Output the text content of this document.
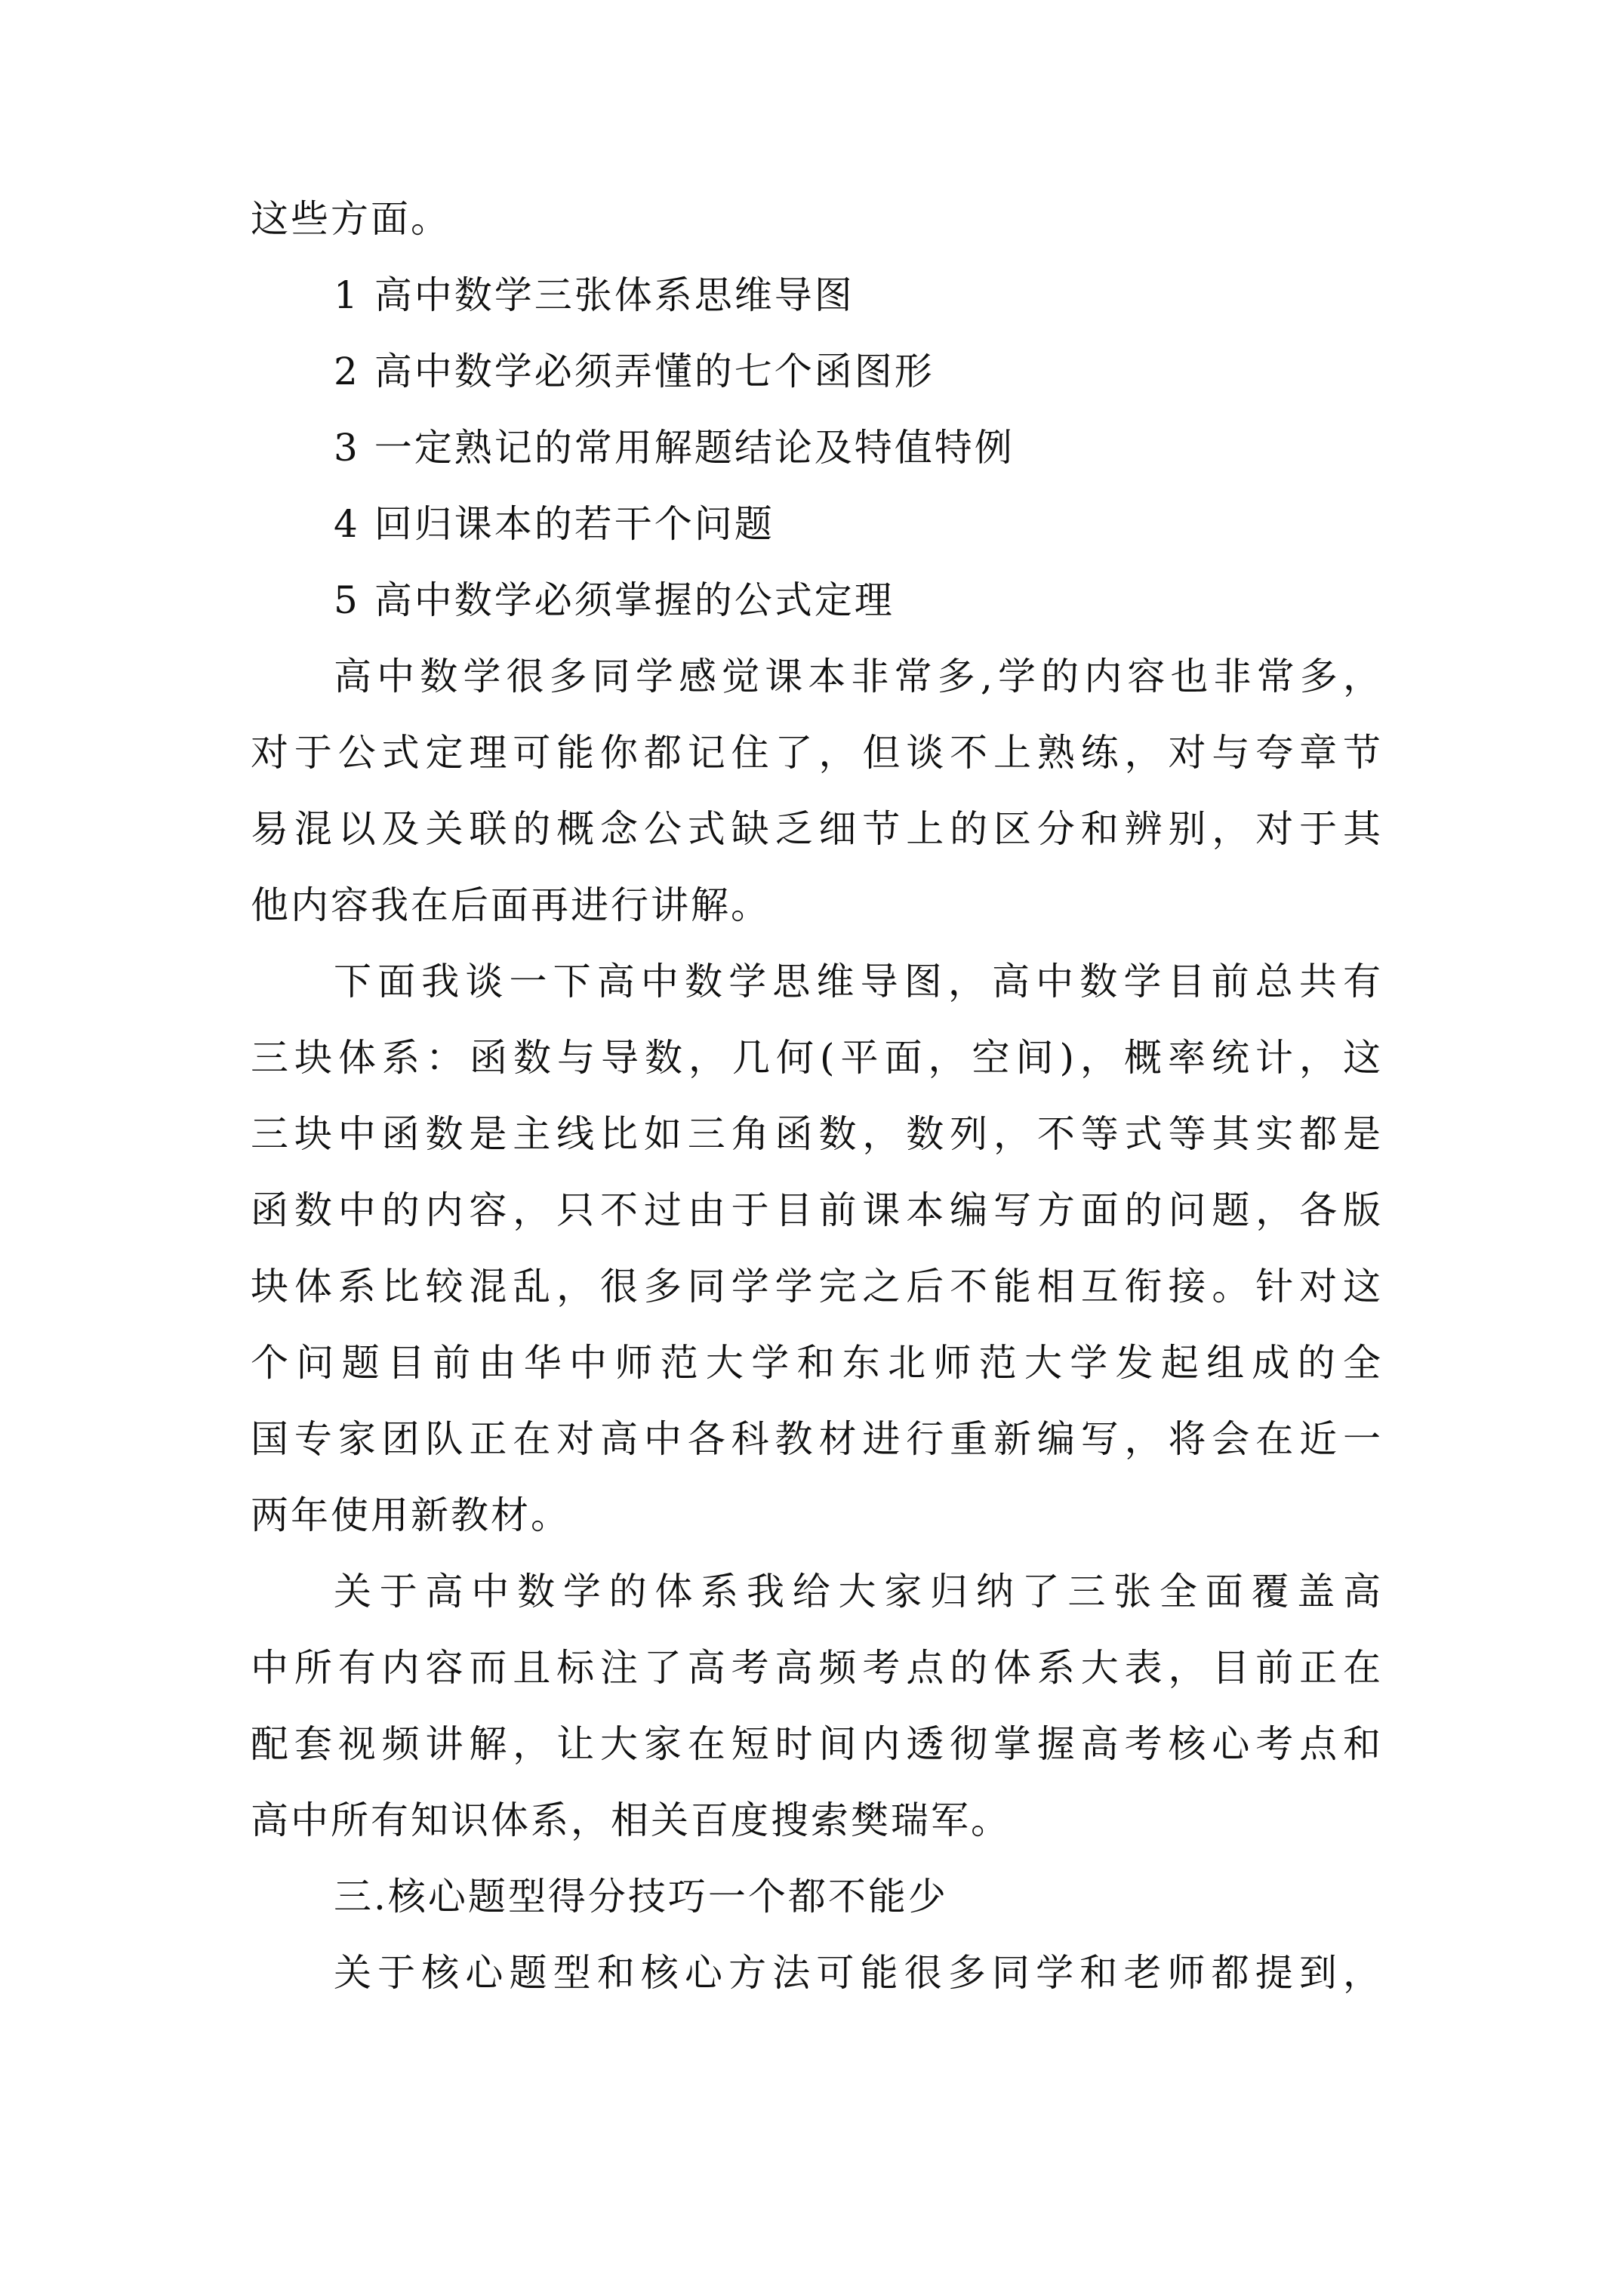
这些方面。
1 高中数学三张体系思维导图
2 高中数学必须弄懂的七个函图形
3 一定熟记的常用解题结论及特值特例
4 回归课本的若干个问题
5 高中数学必须掌握的公式定理
高中数学很多同学感觉课本非常多,学的内容也非常多，
对于公式定理可能你都记住了，但谈不上熟练，对与夸章节
易混以及关联的概念公式缺乏细节上的区分和辨别，对于其
他内容我在后面再进行讲解。
下面我谈一下高中数学思维导图，高中数学目前总共有
三块体系：函数与导数，几何(平面，空间)，概率统计，这
三块中函数是主线比如三角函数，数列，不等式等其实都是
函数中的内容，只不过由于目前课本编写方面的问题，各版
块体系比较混乱，很多同学学完之后不能相互衔接。针对这
个问题目前由华中师范大学和东北师范大学发起组成的全
国专家团队正在对高中各科教材进行重新编写，将会在近一
两年使用新教材。
关于高中数学的体系我给大家归纳了三张全面覆盖高
中所有内容而且标注了高考高频考点的体系大表，目前正在
配套视频讲解，让大家在短时间内透彻掌握高考核心考点和
高中所有知识体系，相关百度搜索樊瑞军。
三.核心题型得分技巧一个都不能少
关于核心题型和核心方法可能很多同学和老师都提到，
